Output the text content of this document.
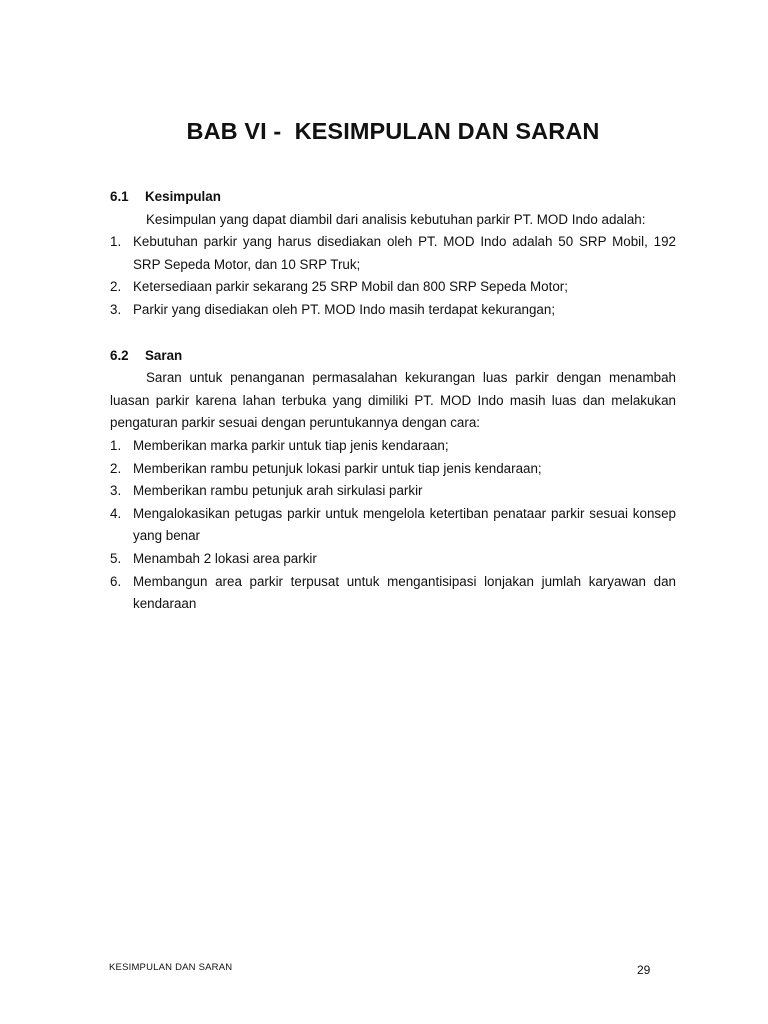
BAB VI -  KESIMPULAN DAN SARAN
6.1	Kesimpulan

Kesimpulan yang dapat diambil dari analisis kebutuhan parkir PT. MOD Indo adalah:

1. Kebutuhan parkir yang harus disediakan oleh PT. MOD Indo adalah 50 SRP Mobil, 192 SRP Sepeda Motor, dan 10 SRP Truk;
2. Ketersediaan parkir sekarang 25 SRP Mobil dan 800 SRP Sepeda Motor;
3. Parkir yang disediakan oleh PT. MOD Indo masih terdapat kekurangan;
6.2	Saran

Saran untuk penanganan permasalahan kekurangan luas parkir dengan menambah luasan parkir karena lahan terbuka yang dimiliki PT. MOD Indo masih luas dan melakukan pengaturan parkir sesuai dengan peruntukannya dengan cara:

1. Memberikan marka parkir untuk tiap jenis kendaraan;
2. Memberikan rambu petunjuk lokasi parkir untuk tiap jenis kendaraan;
3. Memberikan rambu petunjuk arah sirkulasi parkir
4. Mengalokasikan petugas parkir untuk mengelola ketertiban penataar parkir sesuai konsep yang benar
5. Menambah 2 lokasi area parkir
6. Membangun area parkir terpusat untuk mengantisipasi lonjakan jumlah karyawan dan kendaraan
KESIMPULAN DAN SARAN	29
